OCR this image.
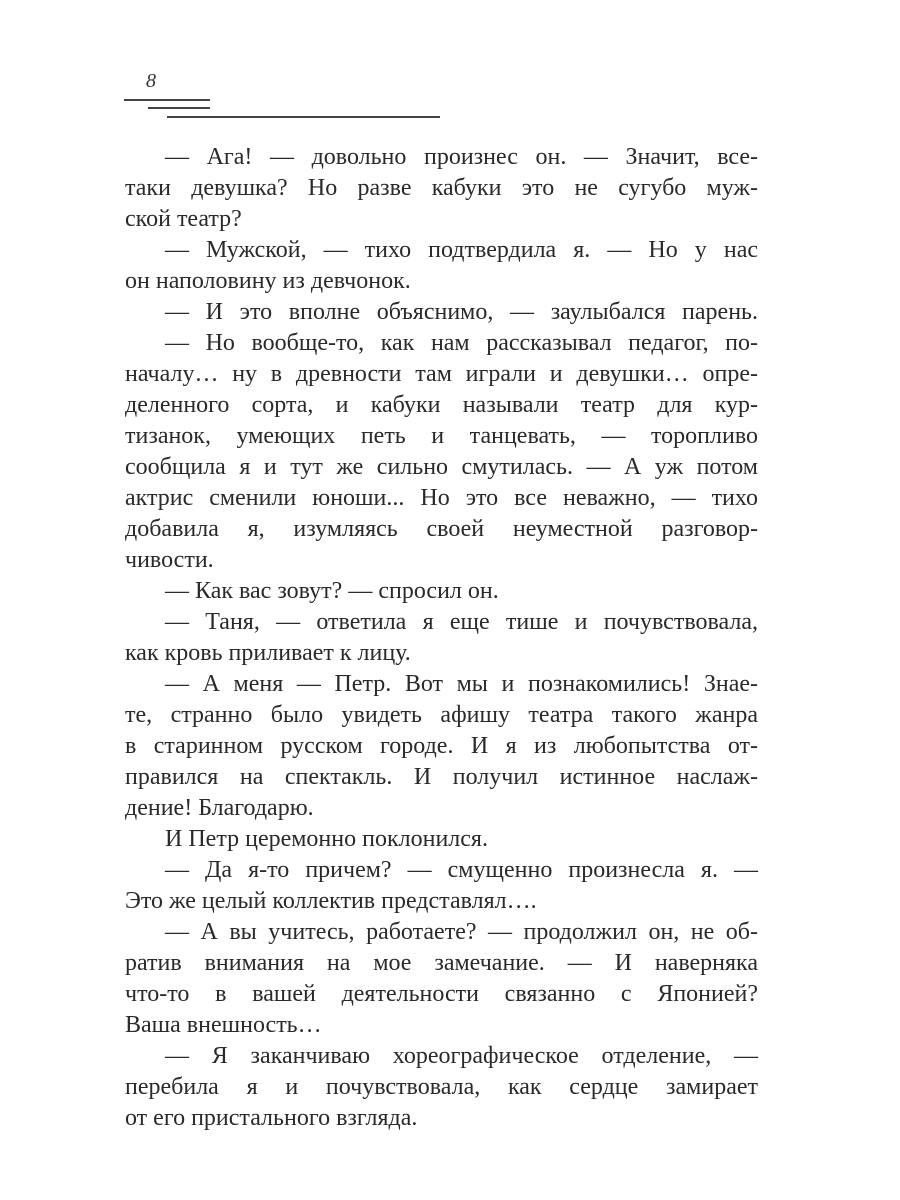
8
— Ага! — довольно произнес он. — Значит, все-
таки девушка? Но разве кабуки это не сугубо муж-
ской театр?
— Мужской, — тихо подтвердила я. — Но у нас
он наполовину из девчонок.
— И это вполне объяснимо, — заулыбался парень.
— Но вообще-то, как нам рассказывал педагог, по-
началу… ну в древности там играли и девушки… опре-
деленного сорта, и кабуки называли театр для кур-
тизанок, умеющих петь и танцевать, — торопливо
сообщила я и тут же сильно смутилась. — А уж потом
актрис сменили юноши... Но это все неважно, — тихо
добавила я, изумляясь своей неуместной разговор-
чивости.
— Как вас зовут? — спросил он.
— Таня, — ответила я еще тише и почувствовала,
как кровь приливает к лицу.
— А меня — Петр. Вот мы и познакомились! Знае-
те, странно было увидеть афишу театра такого жанра
в старинном русском городе. И я из любопытства от-
правился на спектакль. И получил истинное наслаж-
дение! Благодарю.
И Петр церемонно поклонился.
— Да я-то причем? — смущенно произнесла я. —
Это же целый коллектив представлял….
— А вы учитесь, работаете? — продолжил он, не об-
ратив внимания на мое замечание. — И наверняка
что-то в вашей деятельности связанно с Японией?
Ваша внешность…
— Я заканчиваю хореографическое отделение, —
перебила я и почувствовала, как сердце замирает
от его пристального взгляда.
